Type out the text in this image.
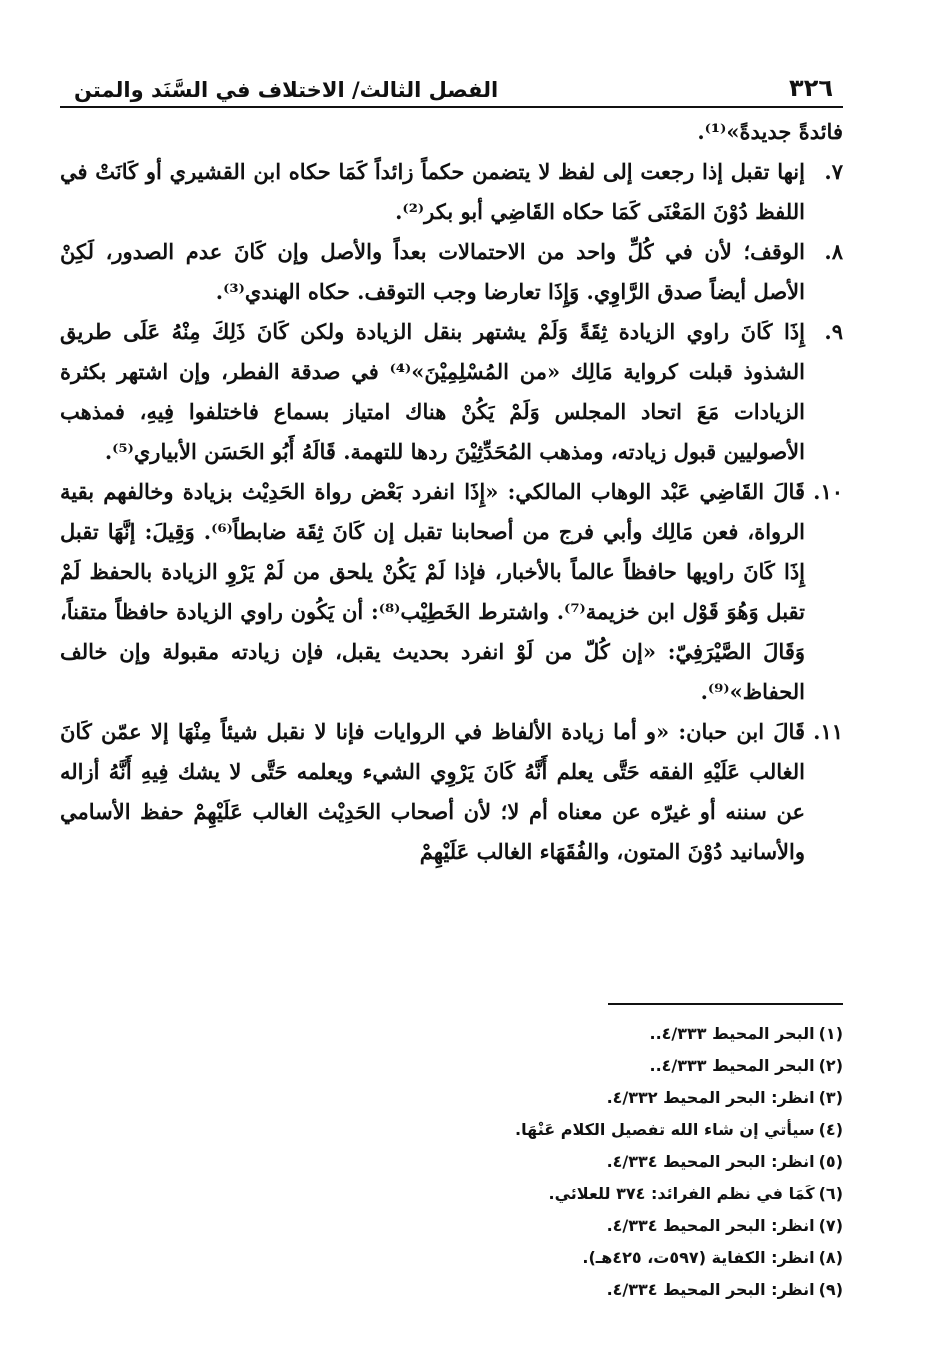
٣٢٦
الفصل الثالث/ الاختلاف في السَّنَد والمتن

فائدةً جديدةً»⁽¹⁾.

٧.
إنها تقبل إذا رجعت إلى لفظ لا يتضمن حكماً زائداً كَمَا حكاه ابن القشيري أو كَانَتْ في اللفظ دُوْنَ المَعْنَى كَمَا حكاه القَاضِي أبو بكر⁽²⁾.
٨.
الوقف؛ لأن في كُلِّ واحد من الاحتمالات بعداً والأصل وإن كَانَ عدم الصدور، لَكِنْ الأصل أيضاً صدق الرَّاوِي. وَإِذَا تعارضا وجب التوقف. حكاه الهندي⁽³⁾.
٩.
إِذَا كَانَ راوي الزيادة ثِقَةً وَلَمْ يشتهر بنقل الزيادة ولكن كَانَ ذَلِكَ مِنْهُ عَلَى طريق الشذوذ قبلت كرواية مَالِك «من المُسْلِمِيْنَ»⁽⁴⁾ في صدقة الفطر، وإن اشتهر بكثرة الزيادات مَعَ اتحاد المجلس وَلَمْ يَكُنْ هناك امتياز بسماع فاختلفوا فِيهِ، فمذهب الأصوليين قبول زيادته، ومذهب المُحَدِّثِيْنَ ردها للتهمة. قَالَهُ أَبُو الحَسَن الأبياري⁽⁵⁾.
١٠.
قَالَ القَاضِي عَبْد الوهاب المالكي: «إِذَا انفرد بَعْض رواة الحَدِيْث بزيادة وخالفهم بقية الرواة، فعن مَالِك وأبي فرج من أصحابنا تقبل إن كَانَ ثِقَة ضابطاً⁽⁶⁾. وَقِيلَ: إنَّهَا تقبل إِذَا كَانَ راويها حافظاً عالماً بالأخبار، فإذا لَمْ يَكُنْ يلحق من لَمْ يَرْوِ الزيادة بالحفظ لَمْ تقبل وَهُوَ قَوْل ابن خزيمة⁽⁷⁾. واشترط الخَطِيْب⁽⁸⁾: أن يَكُون راوي الزيادة حافظاً متقناً، وَقَالَ الصَّيْرَفِيّ: «إن كُلّ من لَوْ انفرد بحديث يقبل، فإن زيادته مقبولة وإن خالف الحفاظ»⁽⁹⁾.
١١.
قَالَ ابن حبان: «و أما زيادة الألفاظ في الروايات فإنا لا نقبل شيئاً مِنْهَا إلا عمّن كَانَ الغالب عَلَيْهِ الفقه حَتَّى يعلم أَنَّهُ كَانَ يَرْوِي الشيء ويعلمه حَتَّى لا يشك فِيهِ أَنَّهُ أزاله عن سننه أو غيرّه عن معناه أم لا؛ لأن أصحاب الحَدِيْث الغالب عَلَيْهِمْ حفظ الأسامي والأسانيد دُوْنَ المتون، والفُقَهَاء الغالب عَلَيْهِمْ
(١)البحر المحيط ٤/٣٣٣..
(٢)البحر المحيط ٤/٣٣٣..
(٣)انظر: البحر المحيط ٤/٣٣٢.
(٤)سيأتي إن شاء الله تفصيل الكلام عَنْهَا.
(٥)انظر: البحر المحيط ٤/٣٣٤.
(٦)كَمَا في نظم الفرائد: ٣٧٤ للعلائي.
(٧)انظر: البحر المحيط ٤/٣٣٤.
(٨)انظر: الكفاية (٥٩٧ت، ٤٢٥هـ).
(٩)انظر: البحر المحيط ٤/٣٣٤.
